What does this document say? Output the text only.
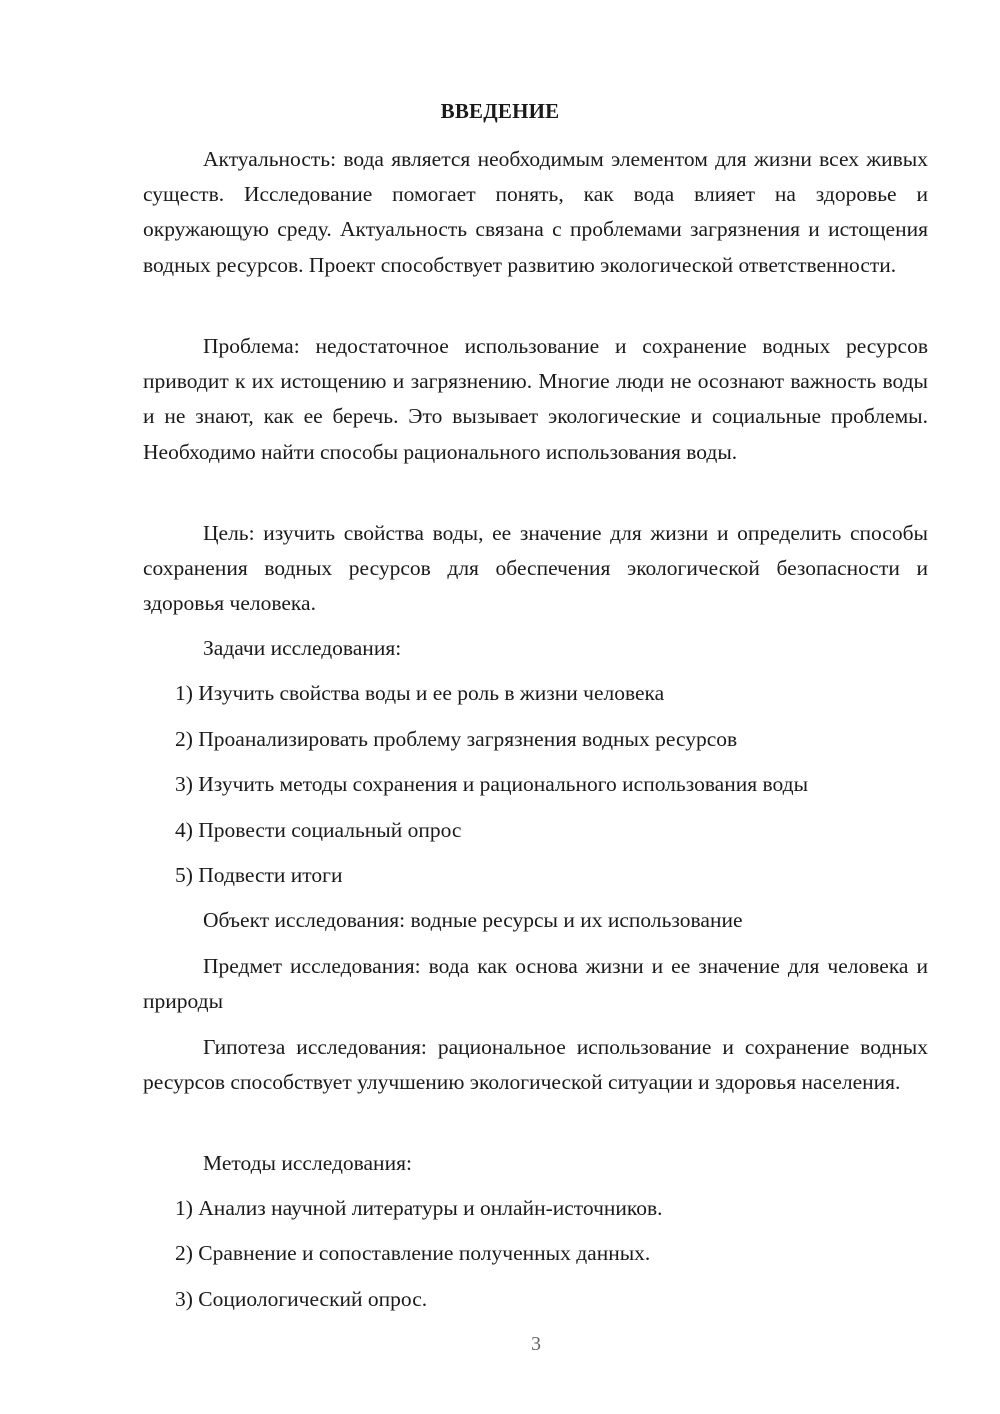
ВВЕДЕНИЕ

Актуальность: вода является необходимым элементом для жизни всех живых существ. Исследование помогает понять, как вода влияет на здоровье и окружающую среду. Актуальность связана с проблемами загрязнения и истощения водных ресурсов. Проект способствует развитию экологической ответственности.

Проблема: недостаточное использование и сохранение водных ресурсов приводит к их истощению и загрязнению. Многие люди не осознают важность воды и не знают, как ее беречь. Это вызывает экологические и социальные проблемы. Необходимо найти способы рационального использования воды.

Цель: изучить свойства воды, ее значение для жизни и определить способы сохранения водных ресурсов для обеспечения экологической безопасности и здоровья человека.

Задачи исследования:

1) Изучить свойства воды и ее роль в жизни человека

2) Проанализировать проблему загрязнения водных ресурсов

3) Изучить методы сохранения и рационального использования воды

4) Провести социальный опрос

5) Подвести итоги

Объект исследования: водные ресурсы и их использование

Предмет исследования: вода как основа жизни и ее значение для человека и природы

Гипотеза исследования: рациональное использование и сохранение водных ресурсов способствует улучшению экологической ситуации и здоровья населения.

Методы исследования:

1) Анализ научной литературы и онлайн-источников.

2) Сравнение и сопоставление полученных данных.

3) Социологический опрос.

3
